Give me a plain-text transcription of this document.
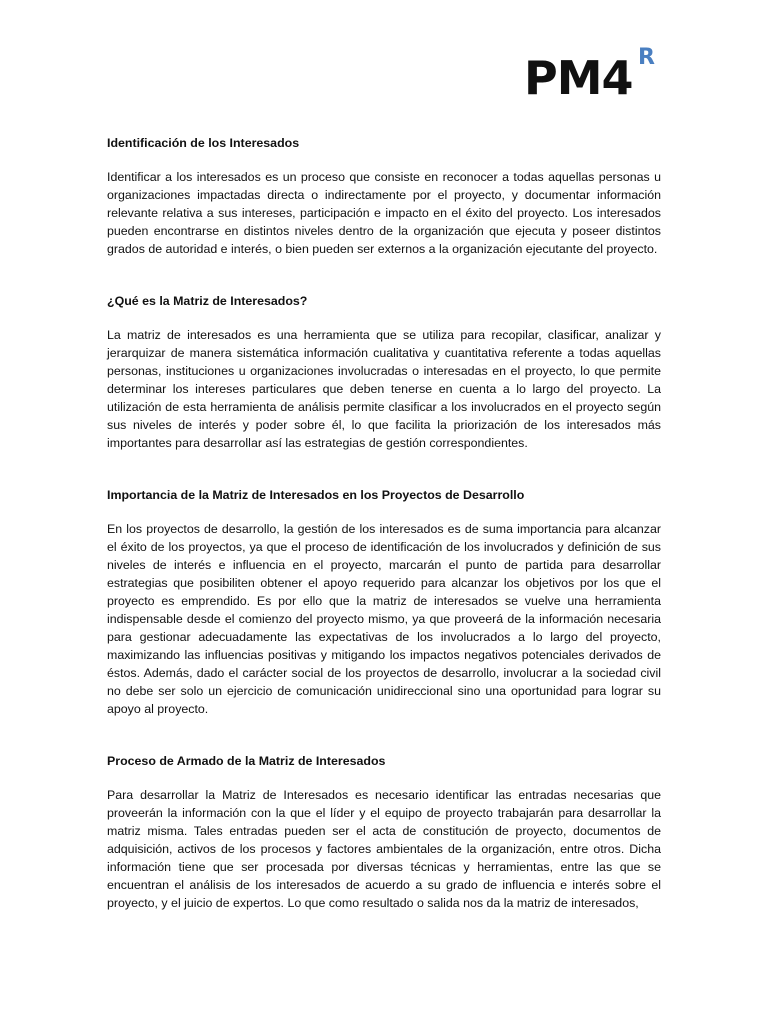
PM4 R
Identificación de los Interesados

Identificar a los interesados es un proceso que consiste en reconocer a todas aquellas personas u organizaciones impactadas directa o indirectamente por el proyecto, y documentar información relevante relativa a sus intereses, participación e impacto en el éxito del proyecto. Los interesados pueden encontrarse en distintos niveles dentro de la organización que ejecuta y poseer distintos grados de autoridad e interés, o bien pueden ser externos a la organización ejecutante del proyecto.

¿Qué es la Matriz de Interesados?

La matriz de interesados es una herramienta que se utiliza para recopilar, clasificar, analizar y jerarquizar de manera sistemática información cualitativa y cuantitativa referente a todas aquellas personas, instituciones u organizaciones involucradas o interesadas en el proyecto, lo que permite determinar los intereses particulares que deben tenerse en cuenta a lo largo del proyecto. La utilización de esta herramienta de análisis permite clasificar a los involucrados en el proyecto según sus niveles de interés y poder sobre él, lo que facilita la priorización de los interesados más importantes para desarrollar así las estrategias de gestión correspondientes.

Importancia de la Matriz de Interesados en los Proyectos de Desarrollo

En los proyectos de desarrollo, la gestión de los interesados es de suma importancia para alcanzar el éxito de los proyectos, ya que el proceso de identificación de los involucrados y definición de sus niveles de interés e influencia en el proyecto, marcarán el punto de partida para desarrollar estrategias que posibiliten obtener el apoyo requerido para alcanzar los objetivos por los que el proyecto es emprendido. Es por ello que la matriz de interesados se vuelve una herramienta indispensable desde el comienzo del proyecto mismo, ya que proveerá de la información necesaria para gestionar adecuadamente las expectativas de los involucrados a lo largo del proyecto, maximizando las influencias positivas y mitigando los impactos negativos potenciales derivados de éstos. Además, dado el carácter social de los proyectos de desarrollo, involucrar a la sociedad civil no debe ser solo un ejercicio de comunicación unidireccional sino una oportunidad para lograr su apoyo al proyecto.

Proceso de Armado de la Matriz de Interesados

Para desarrollar la Matriz de Interesados es necesario identificar las entradas necesarias que proveerán la información con la que el líder y el equipo de proyecto trabajarán para desarrollar la matriz misma. Tales entradas pueden ser el acta de constitución de proyecto, documentos de adquisición, activos de los procesos y factores ambientales de la organización, entre otros. Dicha información tiene que ser procesada por diversas técnicas y herramientas, entre las que se encuentran el análisis de los interesados de acuerdo a su grado de influencia e interés sobre el proyecto, y el juicio de expertos. Lo que como resultado o salida nos da la matriz de interesados,
